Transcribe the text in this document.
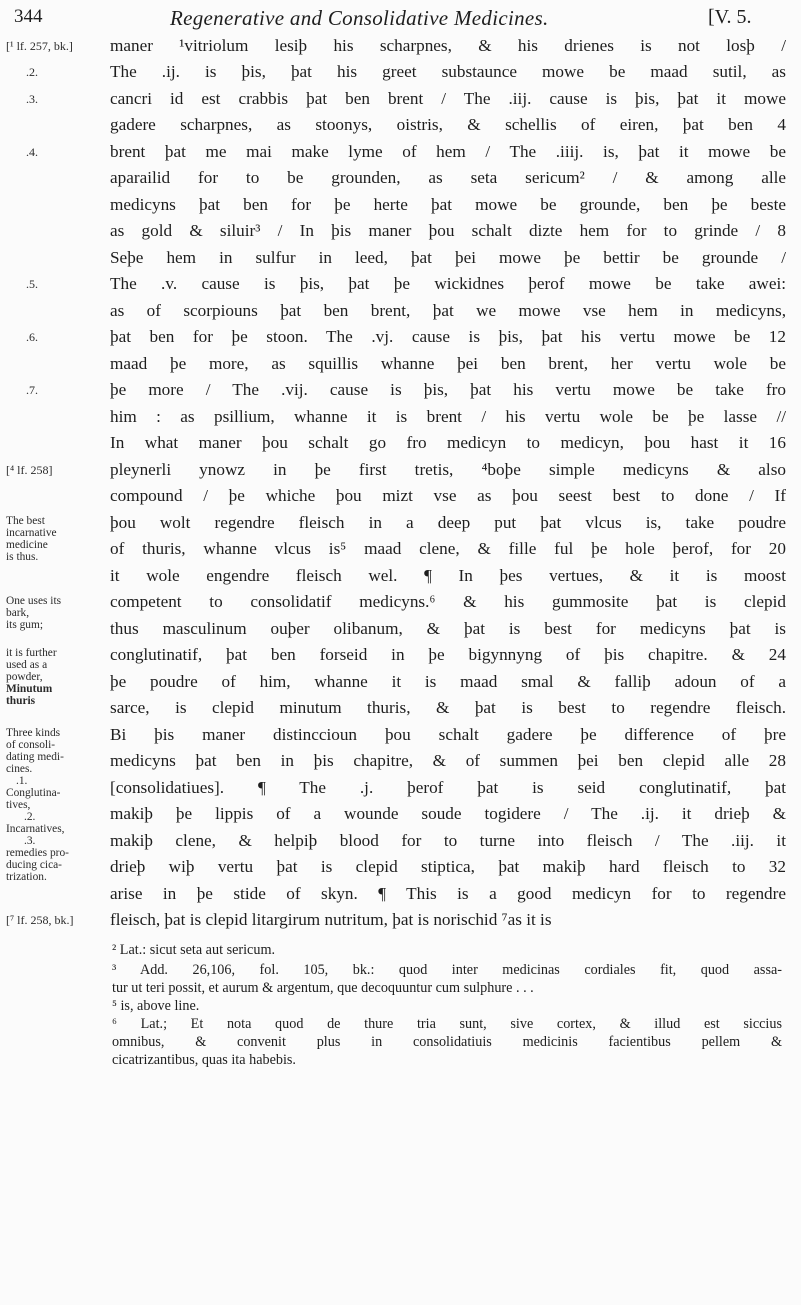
344	Regenerative and Consolidative Medicines.	[V. 5.
maner ¹vitriolum lesiþ his scharpnes, & his drienes is not losþ /
The .ij. is þis, þat his greet substaunce mowe be maad sutil, as
cancri id est crabbis þat ben brent / The .iij. cause is þis, þat it mowe
gadere scharpnes, as stoonys, oistris, & schellis of eiren, þat ben 4
brent þat me mai make lyme of hem / The .iiij. is, þat it mowe be
aparailid for to be grounden, as seta sericum² / & among alle
medicyns þat ben for þe herte þat mowe be grounde, ben þe beste
as gold & siluir³ / In þis maner þou schalt dizte hem for to grinde / 8
Seþe hem in sulfur in leed, þat þei mowe þe bettir be grounde /
The .v. cause is þis, þat þe wickidnes þerof mowe be take awei:
as of scorpiouns þat ben brent, þat we mowe vse hem in medicyns,
þat ben for þe stoon. The .vj. cause is þis, þat his vertu mowe be 12
maad þe more, as squillis whanne þei ben brent, her vertu wole be
þe more / The .vij. cause is þis, þat his vertu mowe be take fro
him : as psillium, whanne it is brent / his vertu wole be þe lasse //
In what maner þou schalt go fro medicyn to medicyn, þou hast it 16
pleynerli ynowz in þe first tretis, ⁴boþe simple medicyns & also
compound / þe whiche þou mizt vse as þou seest best to done / If
þou wolt regendre fleisch in a deep put þat vlcus is, take poudre
of thuris, whanne vlcus is⁵ maad clene, & fille ful þe hole þerof, for 20
it wole engendre fleisch wel. ¶ In þes vertues, & it is moost
competent to consolidatif medicyns.⁶ & his gummosite þat is clepid
thus masculinum ouþer olibanum, & þat is best for medicyns þat is
conglutinatif, þat ben forseid in þe bigynnyng of þis chapitre. & 24
þe poudre of him, whanne it is maad smal & falliþ adoun of a
sarce, is clepid minutum thuris, & þat is best to regendre fleisch.
Bi þis maner distinccioun þou schalt gadere þe difference of þre
medicyns þat ben in þis chapitre, & of summen þei ben clepid alle 28
[consolidatiues]. ¶ The .j. þerof þat is seid conglutinatif, þat
makiþ þe lippis of a wounde soude togidere / The .ij. it drieþ &
makiþ clene, & helpiþ blood for to turne into fleisch / The .iij. it
drieþ wiþ vertu þat is clepid stiptica, þat makiþ hard fleisch to 32
arise in þe stide of skyn. ¶ This is a good medicyn for to regendre
fleisch, þat is clepid litargirum nutritum, þat is norischid ⁷as it is
[¹ lf. 257, bk.]
.2.
.3.
.4.
.5.
.6.
.7.
[⁴ lf. 258]
The best
incarnative
medicine
is thus.
One uses its
bark,
its gum;
it is further
used as a
powder,
Minutum
thuris
Three kinds
of consoli-
dating medi-
cines.
.1.
Conglutina-
tives,
.2.
Incarnatives,
.3.
remedies pro-
ducing cica-
trization.
[⁷ lf. 258, bk.]
² Lat.: sicut seta aut sericum.
³ Add. 26,106, fol. 105, bk.: quod inter medicinas cordiales fit, quod assa-
tur ut teri possit, et aurum & argentum, que decoquuntur cum sulphure . . .
⁵ is, above line.
⁶ Lat.; Et nota quod de thure tria sunt, sive cortex, & illud est siccius
omnibus, & convenit plus in consolidatiuis medicinis facientibus pellem &
cicatrizantibus, quas ita habebis.
